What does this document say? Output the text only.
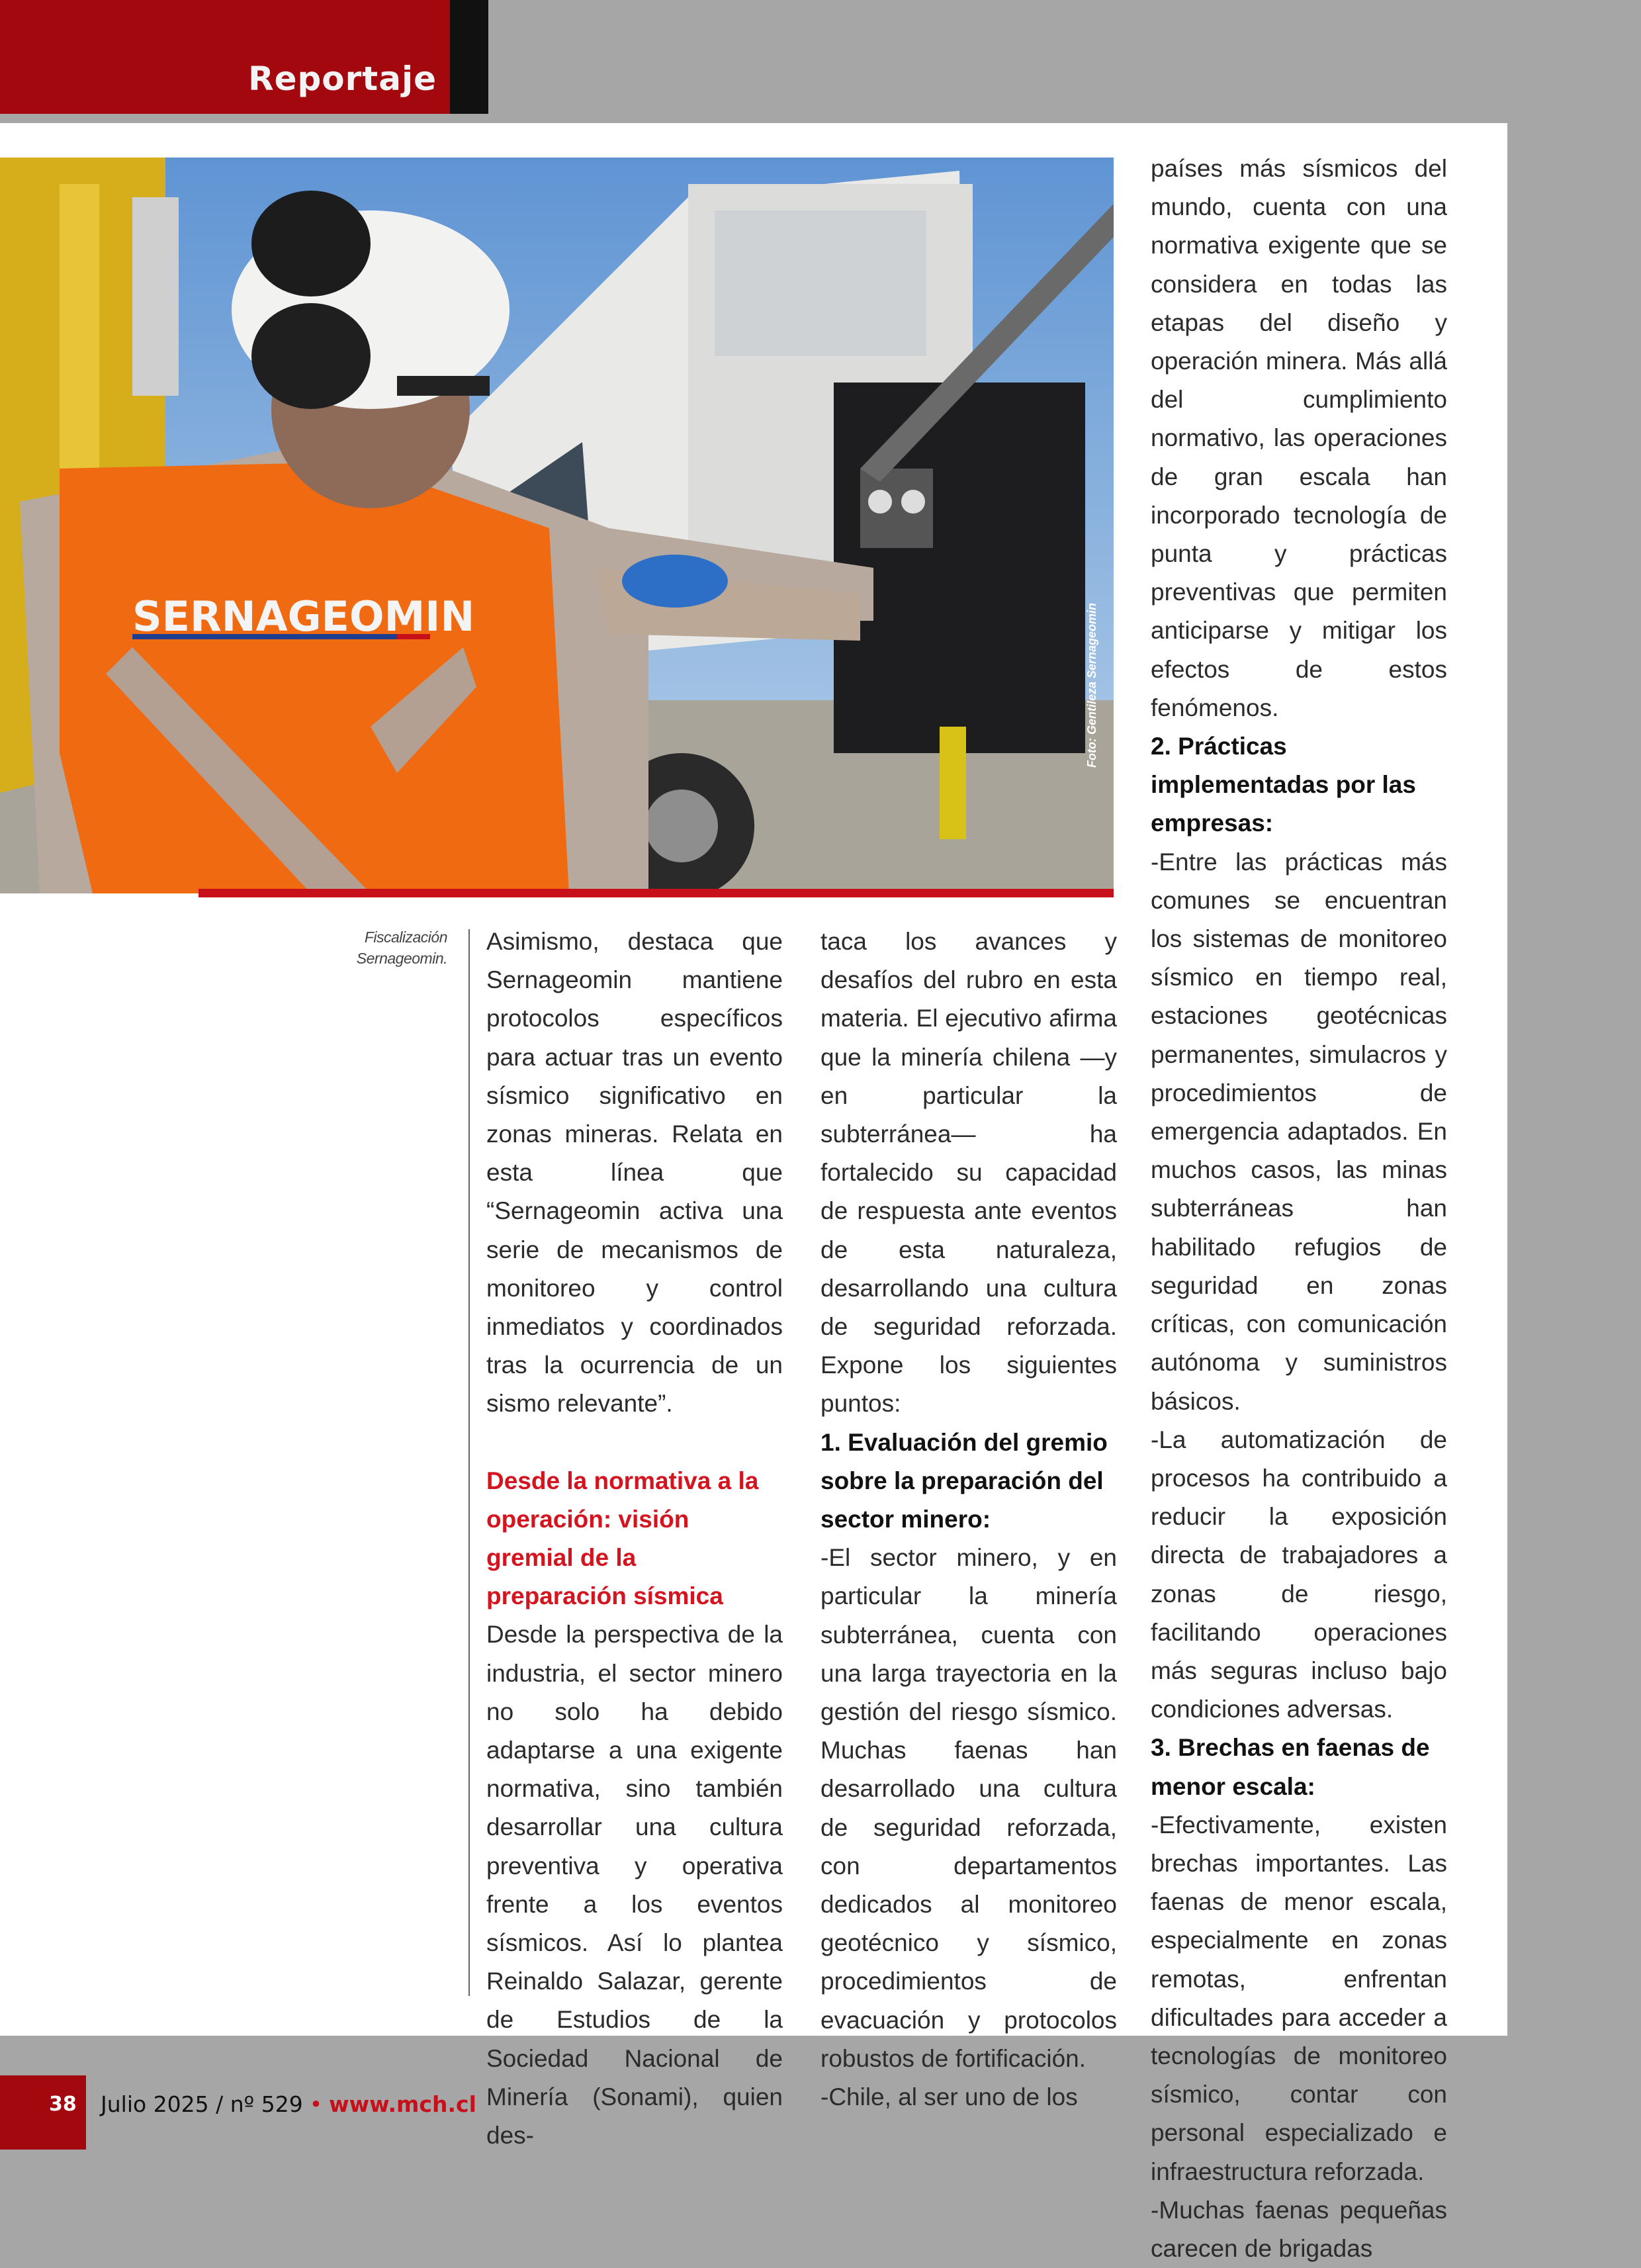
Reportaje
SERNAGEOMIN	Foto: Gentileza Sernageomin
Fiscalización
Sernageomin.

Asimismo, destaca que Sernageomin mantiene protocolos específicos para actuar tras un evento sísmico significativo en zonas mineras. Relata en esta línea que “Sernageomin activa una serie de mecanismos de monitoreo y control inmediatos y coordinados tras la ocurrencia de un sismo relevante”.

Desde la normativa a la operación: visión gremial de la preparación sísmica

Desde la perspectiva de la industria, el sector minero no solo ha debido adaptarse a una exigente normativa, sino también desarrollar una cultura preventiva y operativa frente a los eventos sísmicos. Así lo plantea Reinaldo Salazar, gerente de Estudios de la Sociedad Nacional de Minería (Sonami), quien des-

taca los avances y desafíos del rubro en esta materia. El ejecutivo afirma que la minería chilena —y en particular la subterránea— ha fortalecido su capacidad de respuesta ante eventos de esta naturaleza, desarrollando una cultura de seguridad reforzada. Expone los siguientes puntos:

1. Evaluación del gremio sobre la preparación del sector minero:

-El sector minero, y en particular la minería subterránea, cuenta con una larga trayectoria en la gestión del riesgo sísmico. Muchas faenas han desarrollado una cultura de seguridad reforzada, con departamentos dedicados al monitoreo geotécnico y sísmico, procedimientos de evacuación y protocolos robustos de fortificación.

-Chile, al ser uno de los

países más sísmicos del mundo, cuenta con una normativa exigente que se considera en todas las etapas del diseño y operación minera. Más allá del cumplimiento normativo, las operaciones de gran escala han incorporado tecnología de punta y prácticas preventivas que permiten anticiparse y mitigar los efectos de estos fenómenos.

2. Prácticas implementadas por las empresas:

-Entre las prácticas más comunes se encuentran los sistemas de monitoreo sísmico en tiempo real, estaciones geotécnicas permanentes, simulacros y procedimientos de emergencia adaptados. En muchos casos, las minas subterráneas han habilitado refugios de seguridad en zonas críticas, con comunicación autónoma y suministros básicos.

-La automatización de procesos ha contribuido a reducir la exposición directa de trabajadores a zonas de riesgo, facilitando operaciones más seguras incluso bajo condiciones adversas.

3. Brechas en faenas de menor escala:

-Efectivamente, existen brechas importantes. Las faenas de menor escala, especialmente en zonas remotas, enfrentan dificultades para acceder a tecnologías de monitoreo sísmico, contar con personal especializado e infraestructura reforzada.

-Muchas faenas pequeñas carecen de brigadas

38 Julio 2025 / nº 529 • www.mch.cl
